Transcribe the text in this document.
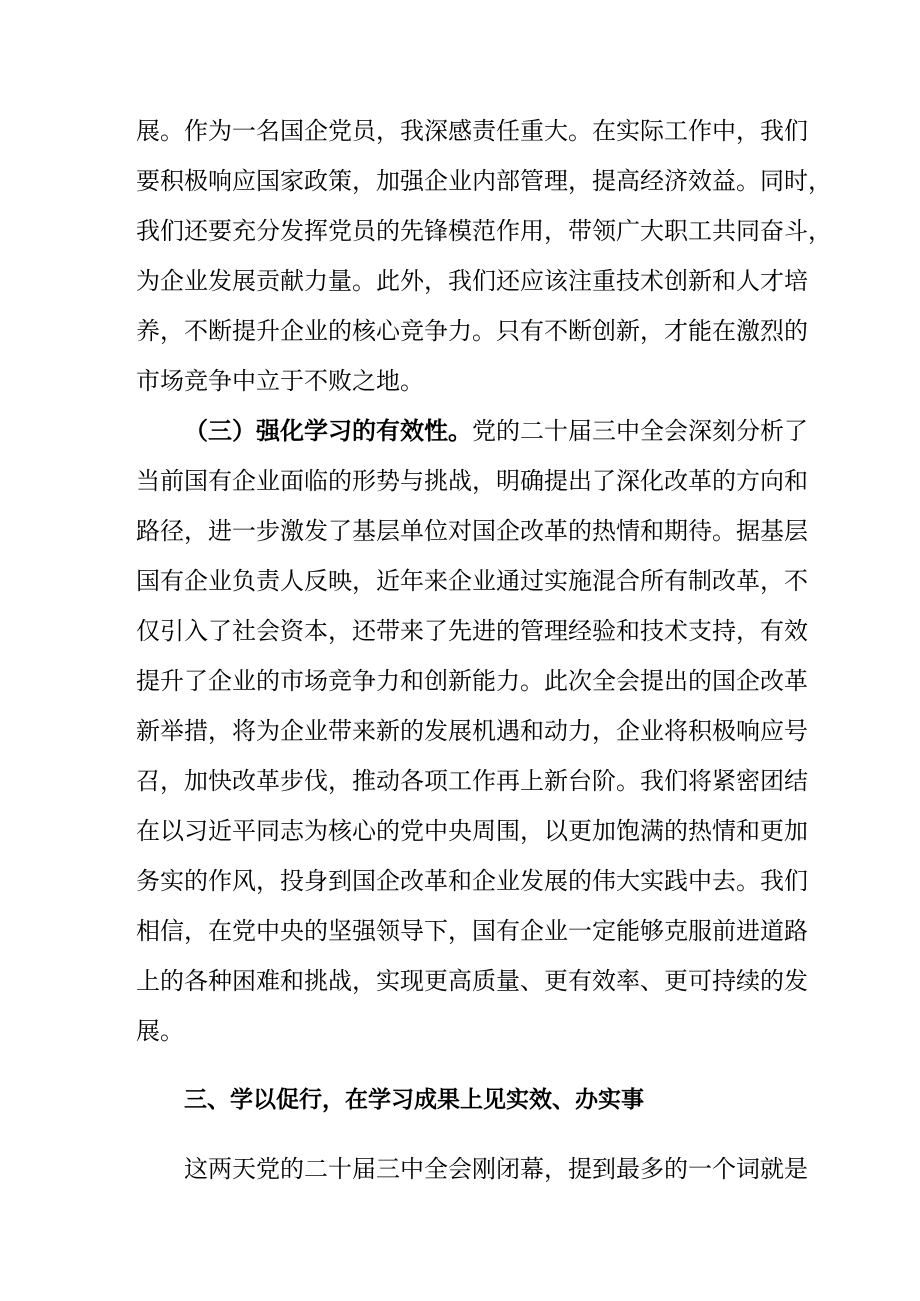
展。作为一名国企党员，我深感责任重大。在实际工作中，我们
要积极响应国家政策，加强企业内部管理，提高经济效益。同时，
我们还要充分发挥党员的先锋模范作用，带领广大职工共同奋斗，
为企业发展贡献力量。此外，我们还应该注重技术创新和人才培
养，不断提升企业的核心竞争力。只有不断创新，才能在激烈的
市场竞争中立于不败之地。
（三）强化学习的有效性。党的二十届三中全会深刻分析了
当前国有企业面临的形势与挑战，明确提出了深化改革的方向和
路径，进一步激发了基层单位对国企改革的热情和期待。据基层
国有企业负责人反映，近年来企业通过实施混合所有制改革，不
仅引入了社会资本，还带来了先进的管理经验和技术支持，有效
提升了企业的市场竞争力和创新能力。此次全会提出的国企改革
新举措，将为企业带来新的发展机遇和动力，企业将积极响应号
召，加快改革步伐，推动各项工作再上新台阶。我们将紧密团结
在以习近平同志为核心的党中央周围，以更加饱满的热情和更加
务实的作风，投身到国企改革和企业发展的伟大实践中去。我们
相信，在党中央的坚强领导下，国有企业一定能够克服前进道路
上的各种困难和挑战，实现更高质量、更有效率、更可持续的发
展。
三、学以促行，在学习成果上见实效、办实事
这两天党的二十届三中全会刚闭幕，提到最多的一个词就是
